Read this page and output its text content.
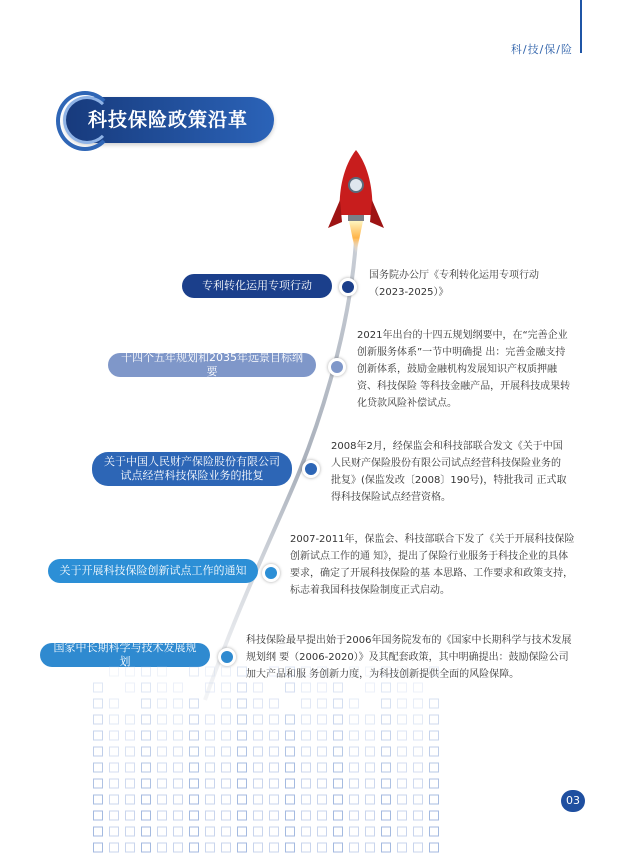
科/技/保/险
科技保险政策沿革
专利转化运用专项行动
国务院办公厅《专利转化运用专项行动（2023-2025）》
十四个五年规划和2035年远景目标纲要
2021年出台的十四五规划纲要中，在“完善企业创新服务体系”一节中明确提 出：完善金融支持创新体系，鼓励金融机构发展知识产权质押融资、科技保险 等科技金融产品，开展科技成果转化贷款风险补偿试点。
关于中国人民财产保险股份有限公司试点经营科技保险业务的批复
2008年2月，经保监会和科技部联合发文《关于中国人民财产保险股份有限公司试点经营科技保险业务的批复》(保监发改〔2008〕190号)，特批我司 正式取得科技保险试点经营资格。
关于开展科技保险创新试点工作的通知
2007-2011年，保监会、科技部联合下发了《关于开展科技保险创新试点工作的通 知》，提出了保险行业服务于科技企业的具体要求，确定了开展科技保险的基 本思路、工作要求和政策支持，标志着我国科技保险制度正式启动。
国家中长期科学与技术发展规划
科技保险最早提出始于2006年国务院发布的《国家中长期科学与技术发展规划纲 要（2006-2020）》及其配套政策，其中明确提出：鼓励保险公司加大产品和服 务创新力度，为科技创新提供全面的风险保障。
03
